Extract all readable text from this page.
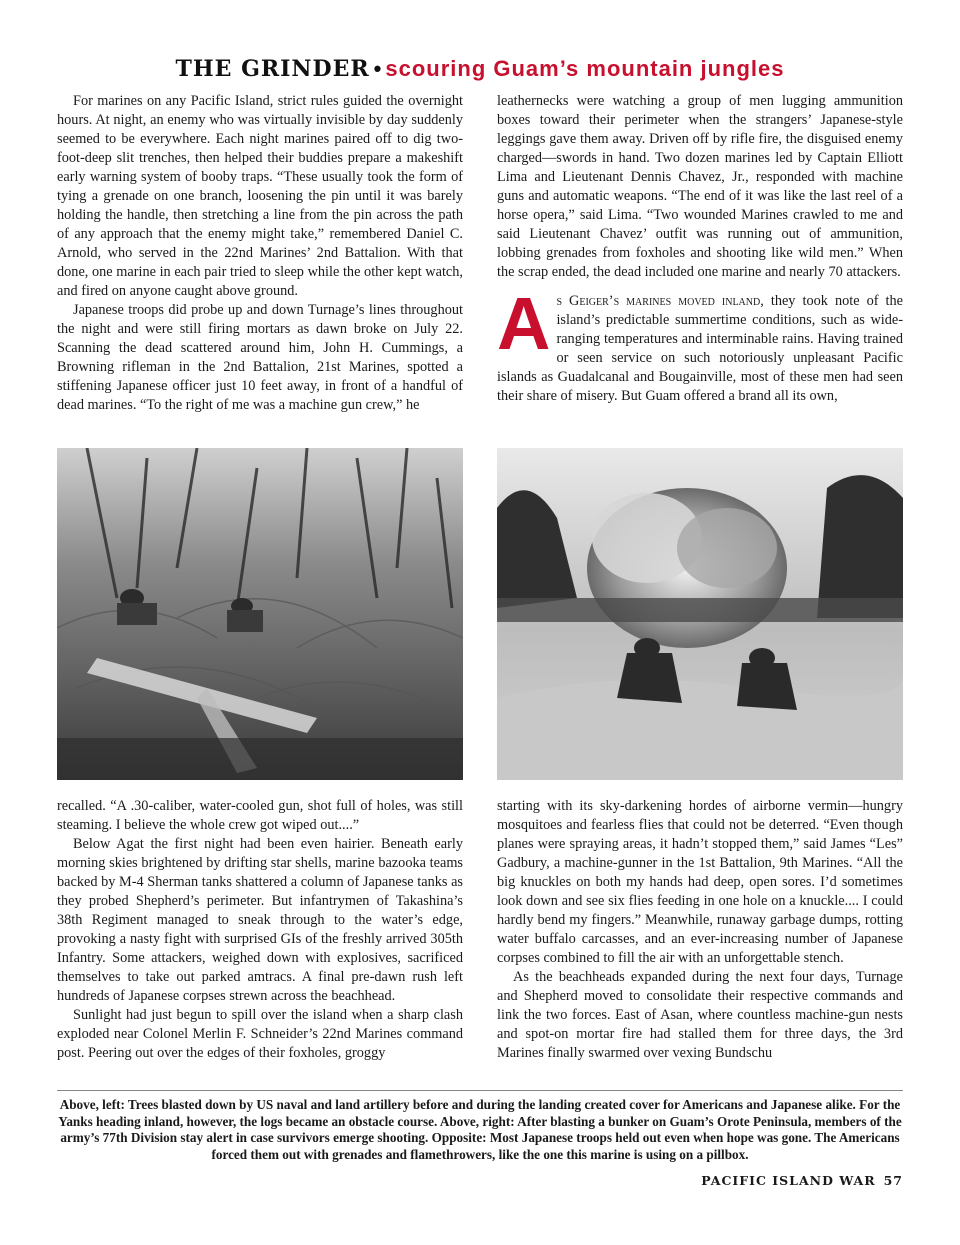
THE GRINDER • scouring Guam’s mountain jungles

For marines on any Pacific Island, strict rules guided the overnight hours. At night, an enemy who was virtually invisible by day suddenly seemed to be everywhere. Each night marines paired off to dig two-foot-deep slit trenches, then helped their buddies prepare a makeshift early warning system of booby traps. “These usually took the form of tying a grenade on one branch, loosening the pin until it was barely holding the handle, then stretching a line from the pin across the path of any approach that the enemy might take,” remembered Daniel C. Arnold, who served in the 22nd Marines’ 2nd Battalion. With that done, one marine in each pair tried to sleep while the other kept watch, and fired on anyone caught above ground.

Japanese troops did probe up and down Turnage’s lines throughout the night and were still firing mortars as dawn broke on July 22. Scanning the dead scattered around him, John H. Cummings, a Browning rifleman in the 2nd Battalion, 21st Marines, spotted a stiffening Japanese officer just 10 feet away, in front of a handful of dead marines. “To the right of me was a machine gun crew,” he

leathernecks were watching a group of men lugging ammunition boxes toward their perimeter when the strangers’ Japanese-style leggings gave them away. Driven off by rifle fire, the disguised enemy charged—swords in hand. Two dozen marines led by Captain Elliott Lima and Lieutenant Dennis Chavez, Jr., responded with machine guns and automatic weapons. “The end of it was like the last reel of a horse opera,” said Lima. “Two wounded Marines crawled to me and said Lieutenant Chavez’ outfit was running out of ammunition, lobbing grenades from foxholes and shooting like wild men.” When the scrap ended, the dead included one marine and nearly 70 attackers.

As Geiger’s marines moved inland, they took note of the island’s predictable summertime conditions, such as wide-ranging temperatures and interminable rains. Having trained or seen service on such notoriously unpleasant Pacific islands as Guadalcanal and Bougainville, most of these men had seen their share of misery. But Guam offered a brand all its own,

recalled. “A .30-caliber, water-cooled gun, shot full of holes, was still steaming. I believe the whole crew got wiped out....”

Below Agat the first night had been even hairier. Beneath early morning skies brightened by drifting star shells, marine bazooka teams backed by M-4 Sherman tanks shattered a column of Japanese tanks as they probed Shepherd’s perimeter. But infantrymen of Takashina’s 38th Regiment managed to sneak through to the water’s edge, provoking a nasty fight with surprised GIs of the freshly arrived 305th Infantry. Some attackers, weighed down with explosives, sacrificed themselves to take out parked amtracs. A final pre-dawn rush left hundreds of Japanese corpses strewn across the beachhead.

Sunlight had just begun to spill over the island when a sharp clash exploded near Colonel Merlin F. Schneider’s 22nd Marines command post. Peering out over the edges of their foxholes, groggy

starting with its sky-darkening hordes of airborne vermin—hungry mosquitoes and fearless flies that could not be deterred. “Even though planes were spraying areas, it hadn’t stopped them,” said James “Les” Gadbury, a machine-gunner in the 1st Battalion, 9th Marines. “All the big knuckles on both my hands had deep, open sores. I’d sometimes look down and see six flies feeding in one hole on a knuckle.... I could hardly bend my fingers.” Meanwhile, runaway garbage dumps, rotting water buffalo carcasses, and an ever-increasing number of Japanese corpses combined to fill the air with an unforgettable stench.

As the beachheads expanded during the next four days, Turnage and Shepherd moved to consolidate their respective commands and link the two forces. East of Asan, where countless machine-gun nests and spot-on mortar fire had stalled them for three days, the 3rd Marines finally swarmed over vexing Bundschu

Above, left: Trees blasted down by US naval and land artillery before and during the landing created cover for Americans and Japanese alike. For the Yanks heading inland, however, the logs became an obstacle course. Above, right: After blasting a bunker on Guam’s Orote Peninsula, members of the army’s 77th Division stay alert in case survivors emerge shooting. Opposite: Most Japanese troops held out even when hope was gone. The Americans forced them out with grenades and flamethrowers, like the one this marine is using on a pillbox.
PACIFIC ISLAND WAR 57
